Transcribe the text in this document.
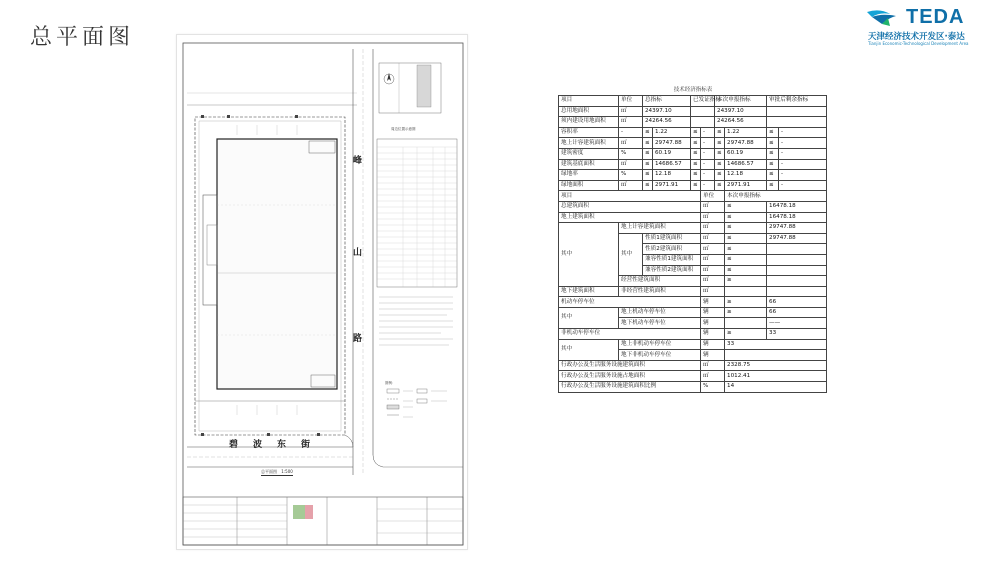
总平面图
TEDA
天津经济技术开发区·泰达
Tianjin Economic-Technological Development Area
峰
山
路
碧 波 东 街
总平面图 1:500
周边位置示意图
图例：
技术经济指标表
项目	单位	总指标		已发证指标		本次申报指标		审批后剩余指标	
总用地面积	㎡	24397.10				24397.10			
须内建设用地面积	㎡	24264.56				24264.56			
容积率	-	≤	1.22	≤	-	≤	1.22	≤	-
地上计容建筑面积	㎡	≤	29747.88	≤	-	≤	29747.88	≤	-
建筑密度	%	≤	60.19	≤	-	≤	60.19	≤	-
建筑基底面积	㎡	≤	14686.57	≤	-	≤	14686.57	≤	-
绿地率	%	≤	12.18	≤	-	≤	12.18	≤	-
绿地面积	㎡	≤	2971.91	≤	-	≤	2971.91	≤	-
项目					单位		本次申报指标		
总建筑面积					㎡		≤	16478.18	
地上建筑面积					㎡		≤	16478.18	
其中	地上计容建筑面积				㎡		≤	29747.88	
	其中	性质1建筑面积			㎡		≤	29747.88	
		性质2建筑面积			㎡		≤		
		兼容性质1建筑面积			㎡		≤		
		兼容性质2建筑面积			㎡		≤		
	经营性建筑面积				㎡		≥		
地下建筑面积	非经营性建筑面积				㎡				
机动车停车位					辆		≥	66	
其中	地上机动车停车位				辆		≥	66	
	地下机动车停车位				辆			——	
非机动车停车位					辆		≥	33	
其中	地上非机动车停车位				辆		33		
	地下非机动车停车位				辆				
行政办公及生活服务设施建筑面积					㎡		2328.75		
行政办公及生活服务设施占地面积					㎡		1012.41		
行政办公及生活服务设施建筑面积比例					%		14		
